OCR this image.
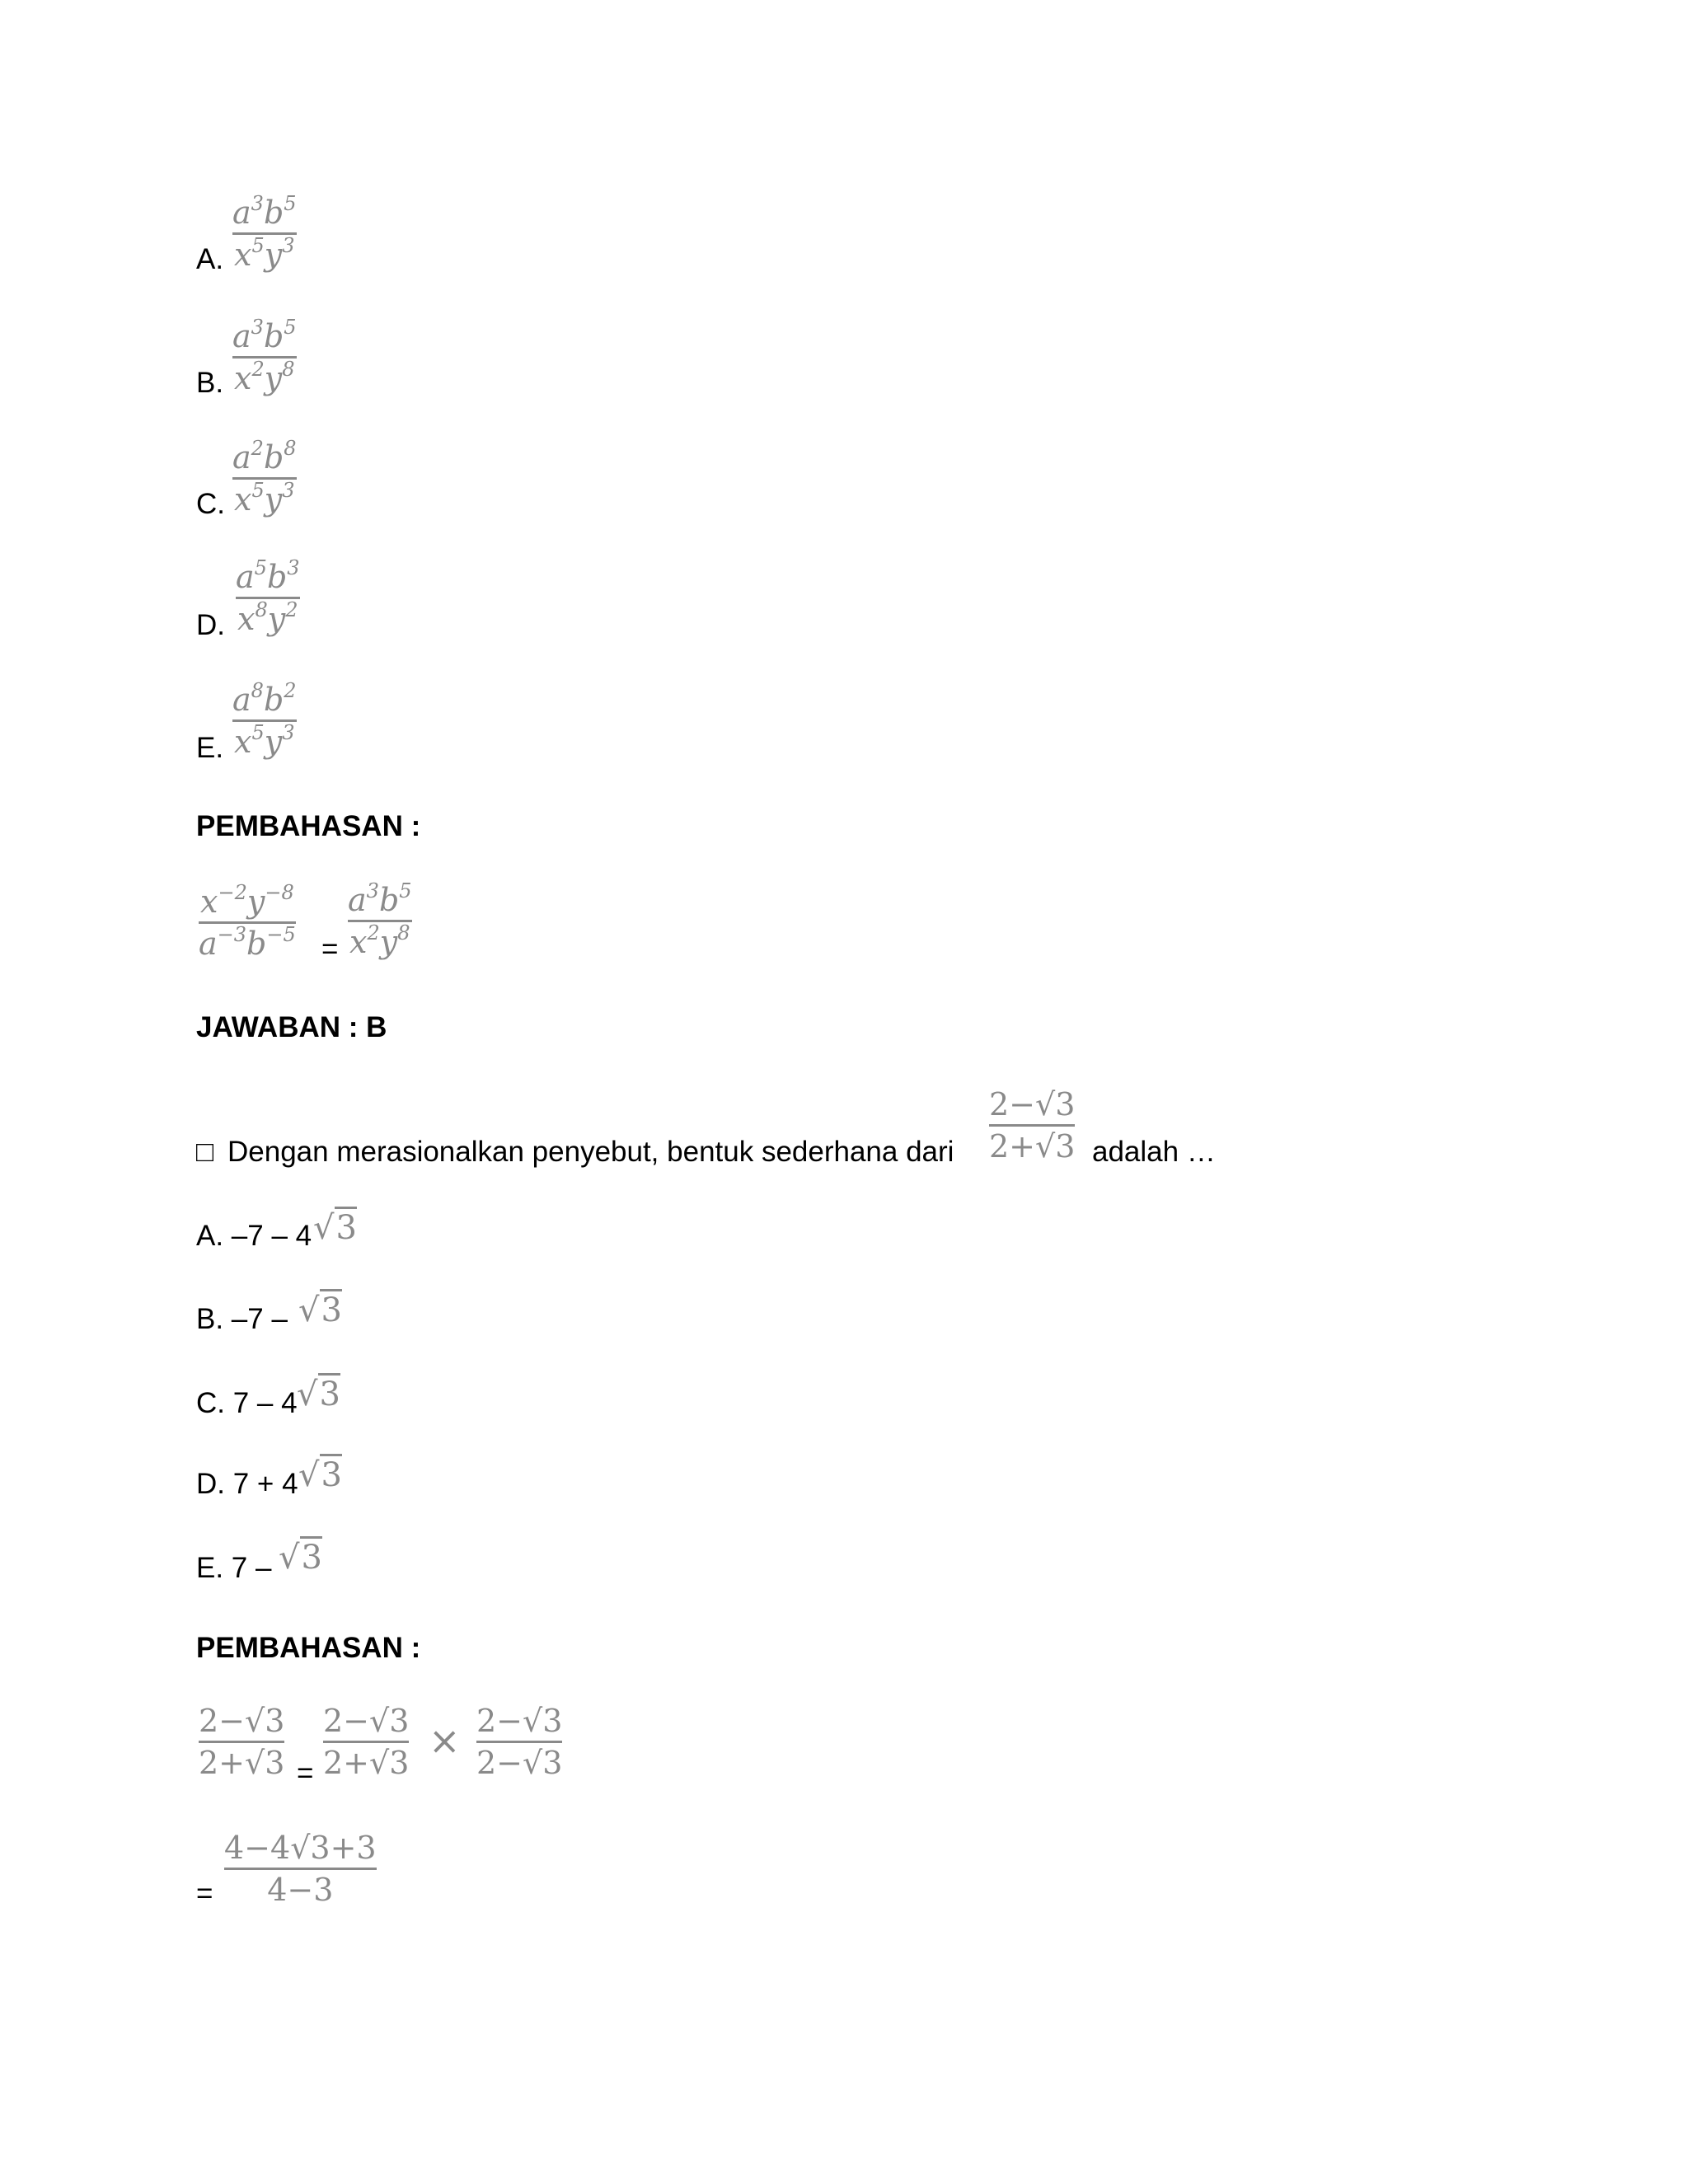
A.
$a^3b^5$
$x^5y^3$
B.
$a^3b^5$
$x^2y^8$
C.
$a^2b^8$
$x^5y^3$
D.
$a^5b^3$
$x^8y^2$
E.
$a^8b^2$
$x^5y^3$
PEMBAHASAN :
$x^{-2}y^{-8}$
$a^{-3}b^{-5}$ =
$a^3b^5$
$x^2y^8$
JAWABAN : B
□ Dengan merasionalkan penyebut, bentuk sederhana dari
2−√3
2+√3 adalah …
A. –7 – 4 √3
B. –7 – √3
C. 7 – 4 √3
D. 7 + 4 √3
E. 7 – √3
PEMBAHASAN :
2−√3
2+√3 =
2−√3
2+√3 × 2−√3
2−√3
=
4−4√3+3
4−3
